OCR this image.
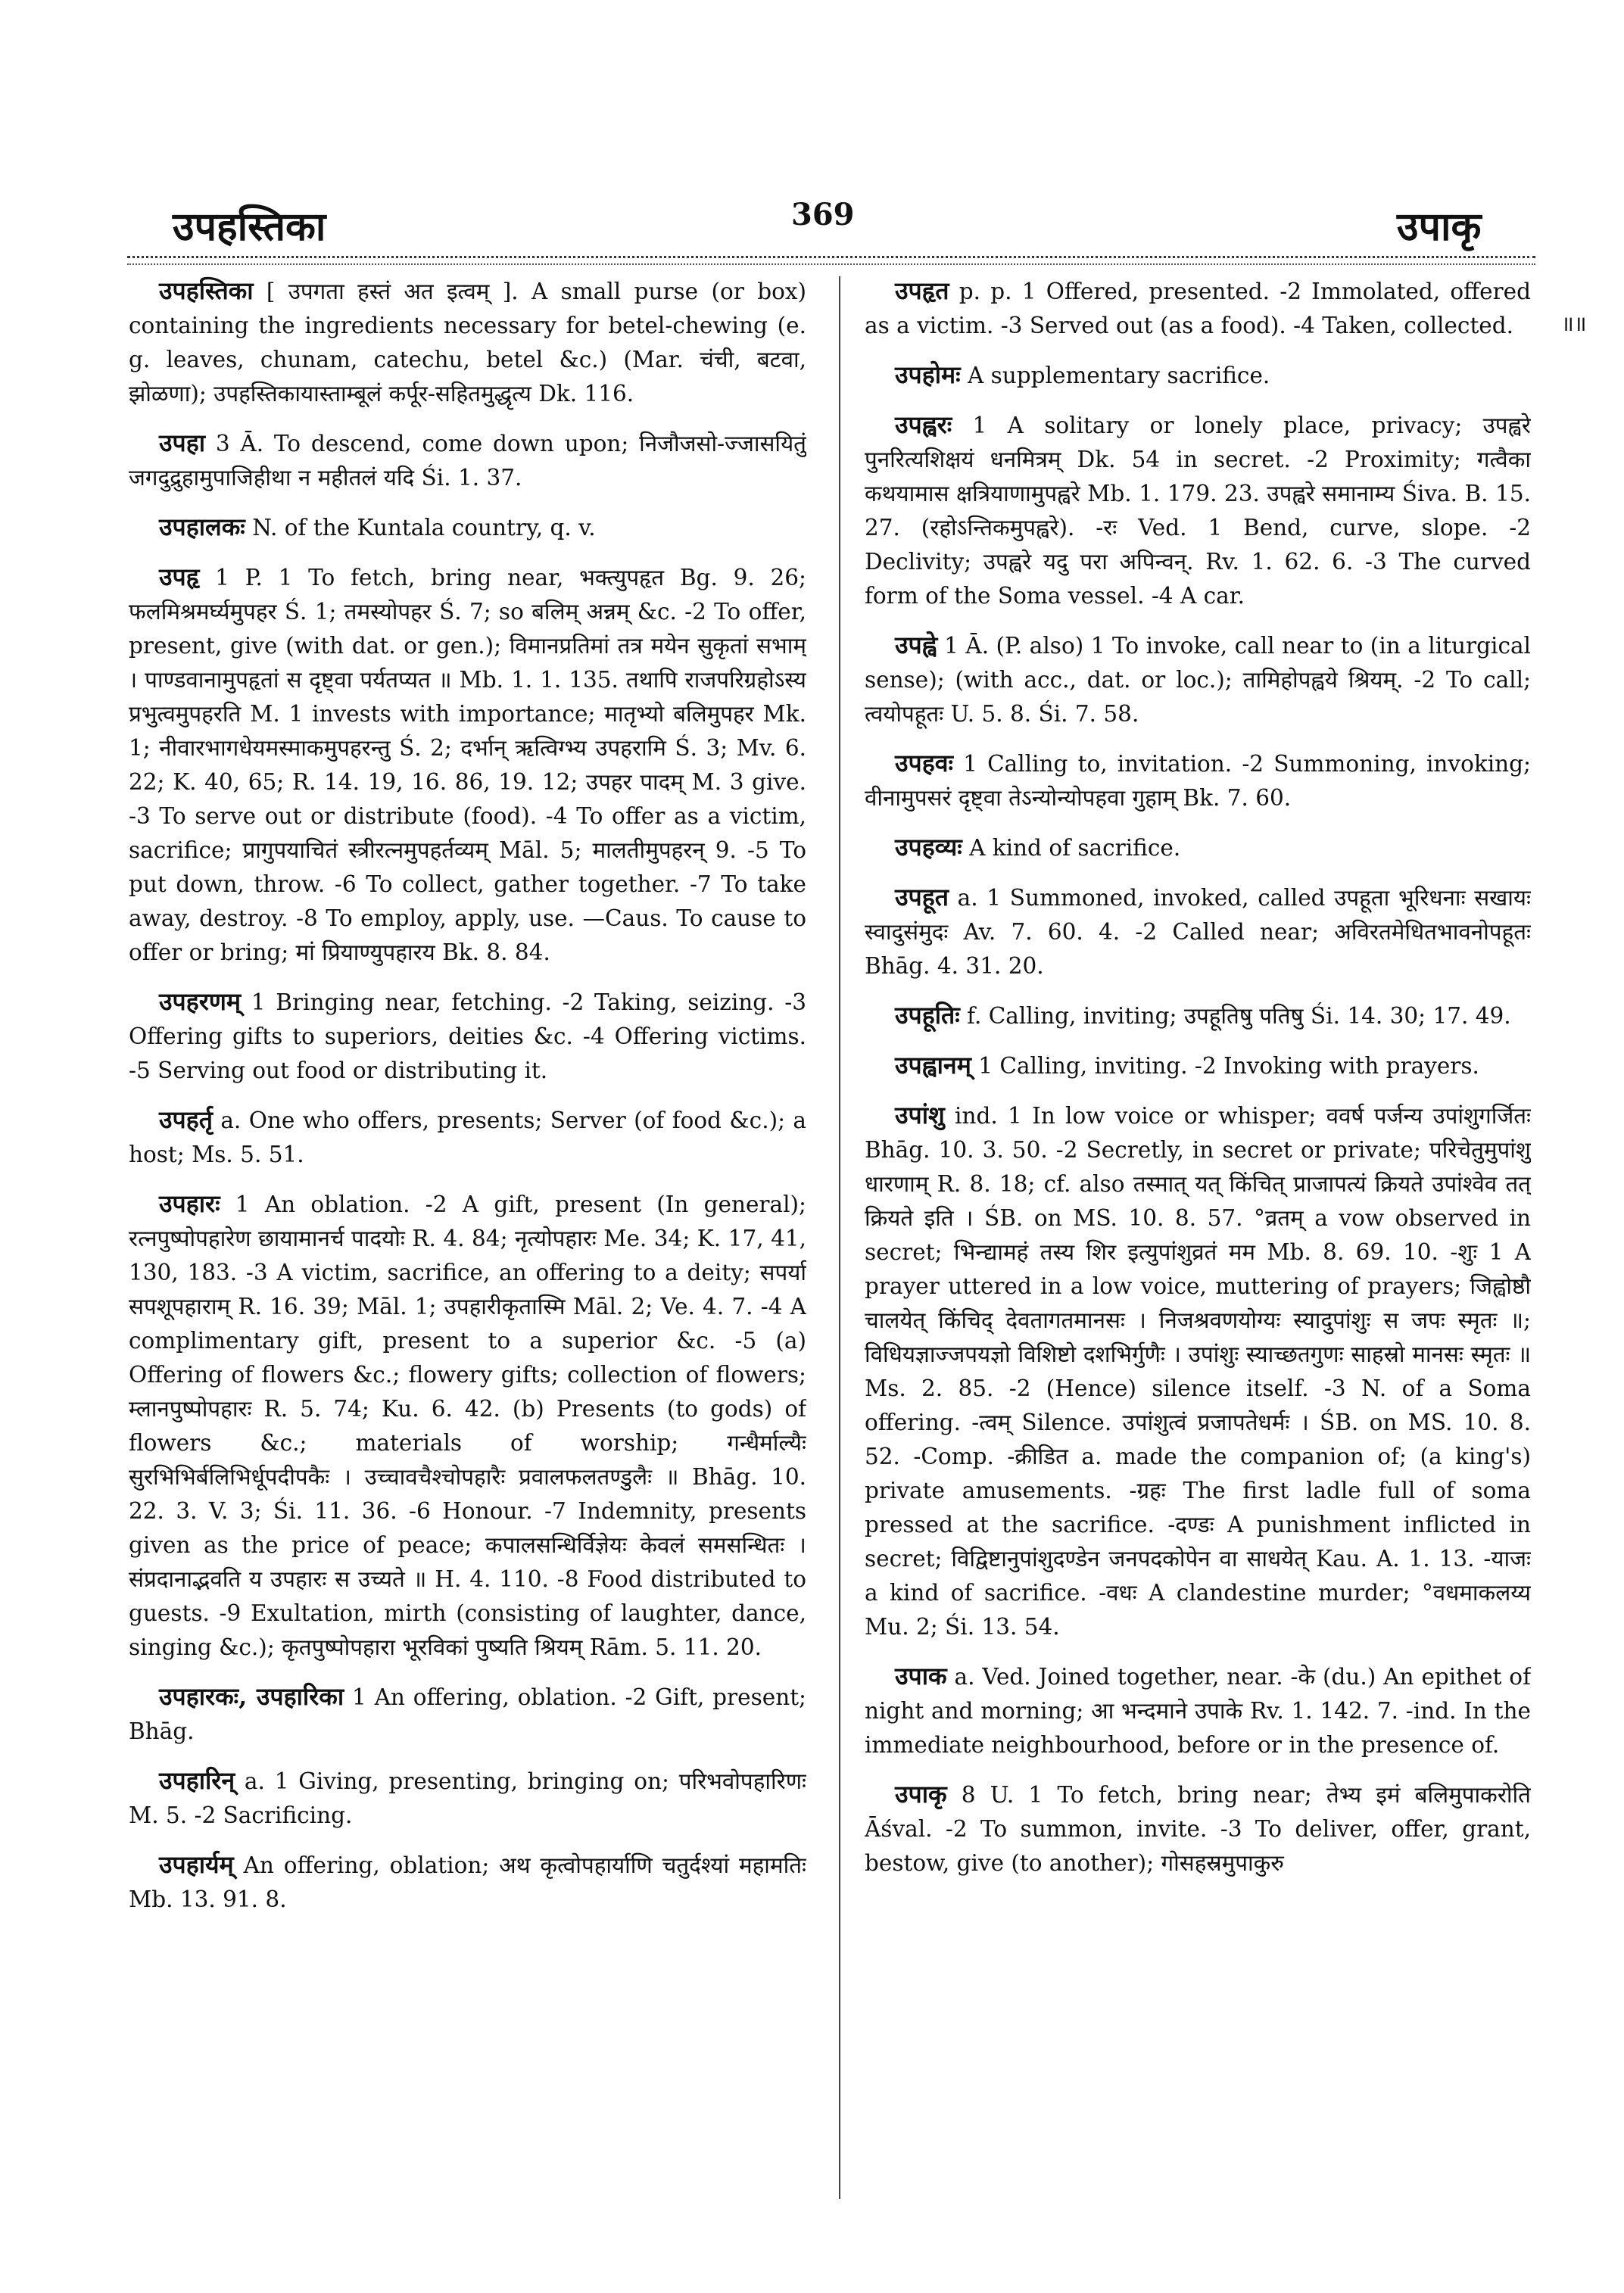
उपहस्तिका	369	उपाकृ
॥॥

उपहस्तिका [ उपगता हस्तं अत इत्वम् ]. A small purse (or box) containing the ingredients necessary for betel-chewing (e. g. leaves, chunam, catechu, betel &c.) (Mar. चंची, बटवा, झोळणा); उपहस्तिकायास्ताम्बूलं कर्पूर-सहितमुद्धृत्य Dk. 116.

उपहा 3 Ā. To descend, come down upon; निजौजसो-ज्जासयितुं जगदुद्रुहामुपाजिहीथा न महीतलं यदि Śi. 1. 37.

उपहालकः N. of the Kuntala country, q. v.

उपहृ 1 P. 1 To fetch, bring near, भक्त्युपहृत Bg. 9. 26; फलमिश्रमर्घ्यमुपहर Ś. 1; तमस्योपहर Ś. 7; so बलिम् अन्नम् &c. -2 To offer, present, give (with dat. or gen.); विमानप्रतिमां तत्र मयेन सुकृतां सभाम् । पाण्डवानामुपहृतां स दृष्ट्वा पर्यतप्यत ॥ Mb. 1. 1. 135. तथापि राजपरिग्रहोऽस्य प्रभुत्वमुपहरति M. 1 invests with importance; मातृभ्यो बलिमुपहर Mk. 1; नीवारभागधेयमस्माकमुपहरन्तु Ś. 2; दर्भान् ऋत्विग्भ्य उपहरामि Ś. 3; Mv. 6. 22; K. 40, 65; R. 14. 19, 16. 86, 19. 12; उपहर पादम् M. 3 give. -3 To serve out or distribute (food). -4 To offer as a victim, sacrifice; प्रागुपयाचितं स्त्रीरत्नमुपहर्तव्यम् Māl. 5; मालतीमुपहरन् 9. -5 To put down, throw. -6 To collect, gather together. -7 To take away, destroy. -8 To employ, apply, use. —Caus. To cause to offer or bring; मां प्रियाण्युपहारय Bk. 8. 84.

उपहरणम् 1 Bringing near, fetching. -2 Taking, seizing. -3 Offering gifts to superiors, deities &c. -4 Offering victims. -5 Serving out food or distributing it.

उपहर्तृ a. One who offers, presents; Server (of food &c.); a host; Ms. 5. 51.

उपहारः 1 An oblation. -2 A gift, present (In general); रत्नपुष्पोपहारेण छायामानर्च पादयोः R. 4. 84; नृत्योपहारः Me. 34; K. 17, 41, 130, 183. -3 A victim, sacrifice, an offering to a deity; सपर्या सपशूपहाराम् R. 16. 39; Māl. 1; उपहारीकृतास्मि Māl. 2; Ve. 4. 7. -4 A complimentary gift, present to a superior &c. -5 (a) Offering of flowers &c.; flowery gifts; collection of flowers; म्लानपुष्पोपहारः R. 5. 74; Ku. 6. 42. (b) Presents (to gods) of flowers &c.; materials of worship; गन्धैर्माल्यैः सुरभिभिर्बलिभिर्धूपदीपकैः । उच्चावचैश्चोपहारैः प्रवालफलतण्डुलैः ॥ Bhāg. 10. 22. 3. V. 3; Śi. 11. 36. -6 Honour. -7 Indemnity, presents given as the price of peace; कपालसन्धिर्विज्ञेयः केवलं समसन्धितः । संप्रदानाद्भवति य उपहारः स उच्यते ॥ H. 4. 110. -8 Food distributed to guests. -9 Exultation, mirth (consisting of laughter, dance, singing &c.); कृतपुष्पोपहारा भूरविकां पुष्यति श्रियम् Rām. 5. 11. 20.

उपहारकः, उपहारिका 1 An offering, oblation. -2 Gift, present; Bhāg.

उपहारिन् a. 1 Giving, presenting, bringing on; परिभवोपहारिणः M. 5. -2 Sacrificing.

उपहार्यम् An offering, oblation; अथ कृत्वोपहार्याणि चतुर्दश्यां महामतिः Mb. 13. 91. 8.

उपहृत p. p. 1 Offered, presented. -2 Immolated, offered as a victim. -3 Served out (as a food). -4 Taken, collected.

उपहोमः A supplementary sacrifice.

उपह्वरः 1 A solitary or lonely place, privacy; उपह्वरे पुनरित्यशिक्षयं धनमित्रम् Dk. 54 in secret. -2 Proximity; गत्वैका कथयामास क्षत्रियाणामुपह्वरे Mb. 1. 179. 23. उपह्वरे समानाम्य Śiva. B. 15. 27. (रहोऽन्तिकमुपह्वरे). -रः Ved. 1 Bend, curve, slope. -2 Declivity; उपह्वरे यदु परा अपिन्वन्. Rv. 1. 62. 6. -3 The curved form of the Soma vessel. -4 A car.

उपह्वे 1 Ā. (P. also) 1 To invoke, call near to (in a liturgical sense); (with acc., dat. or loc.); तामिहोपह्वये श्रियम्. -2 To call; त्वयोपहूतः U. 5. 8. Śi. 7. 58.

उपहवः 1 Calling to, invitation. -2 Summoning, invoking; वीनामुपसरं दृष्ट्वा तेऽन्योन्योपहवा गुहाम् Bk. 7. 60.

उपहव्यः A kind of sacrifice.

उपहूत a. 1 Summoned, invoked, called उपहूता भूरिधनाः सखायः स्वादुसंमुदः Av. 7. 60. 4. -2 Called near; अविरतमेधितभावनोपहूतः Bhāg. 4. 31. 20.

उपहूतिः f. Calling, inviting; उपहूतिषु पतिषु Śi. 14. 30; 17. 49.

उपह्वानम् 1 Calling, inviting. -2 Invoking with prayers.

उपांशु ind. 1 In low voice or whisper; ववर्ष पर्जन्य उपांशुगर्जितः Bhāg. 10. 3. 50. -2 Secretly, in secret or private; परिचेतुमुपांशु धारणाम् R. 8. 18; cf. also तस्मात् यत् किंचित् प्राजापत्यं क्रियते उपांश्वेव तत् क्रियते इति । ŚB. on MS. 10. 8. 57. °व्रतम् a vow observed in secret; भिन्द्यामहं तस्य शिर इत्युपांशुव्रतं मम Mb. 8. 69. 10. -शुः 1 A prayer uttered in a low voice, muttering of prayers; जिह्वोष्ठौ चालयेत् किंचिद् देवतागतमानसः । निजश्रवणयोग्यः स्यादुपांशुः स जपः स्मृतः ॥; विधियज्ञाज्जपयज्ञो विशिष्टो दशभिर्गुणैः । उपांशुः स्याच्छतगुणः साहस्रो मानसः स्मृतः ॥ Ms. 2. 85. -2 (Hence) silence itself. -3 N. of a Soma offering. -त्वम् Silence. उपांशुत्वं प्रजापतेधर्मः । ŚB. on MS. 10. 8. 52. -Comp. -क्रीडित a. made the companion of; (a king's) private amusements. -ग्रहः The first ladle full of soma pressed at the sacrifice. -दण्डः A punishment inflicted in secret; विद्विष्टानुपांशुदण्डेन जनपदकोपेन वा साधयेत् Kau. A. 1. 13. -याजः a kind of sacrifice. -वधः A clandestine murder; °वधमाकलय्य Mu. 2; Śi. 13. 54.

उपाक a. Ved. Joined together, near. -के (du.) An epithet of night and morning; आ भन्दमाने उपाके Rv. 1. 142. 7. -ind. In the immediate neighbourhood, before or in the presence of.

उपाकृ 8 U. 1 To fetch, bring near; तेभ्य इमं बलिमुपाकरोति Āśval. -2 To summon, invite. -3 To deliver, offer, grant, bestow, give (to another); गोसहस्रमुपाकुरु
